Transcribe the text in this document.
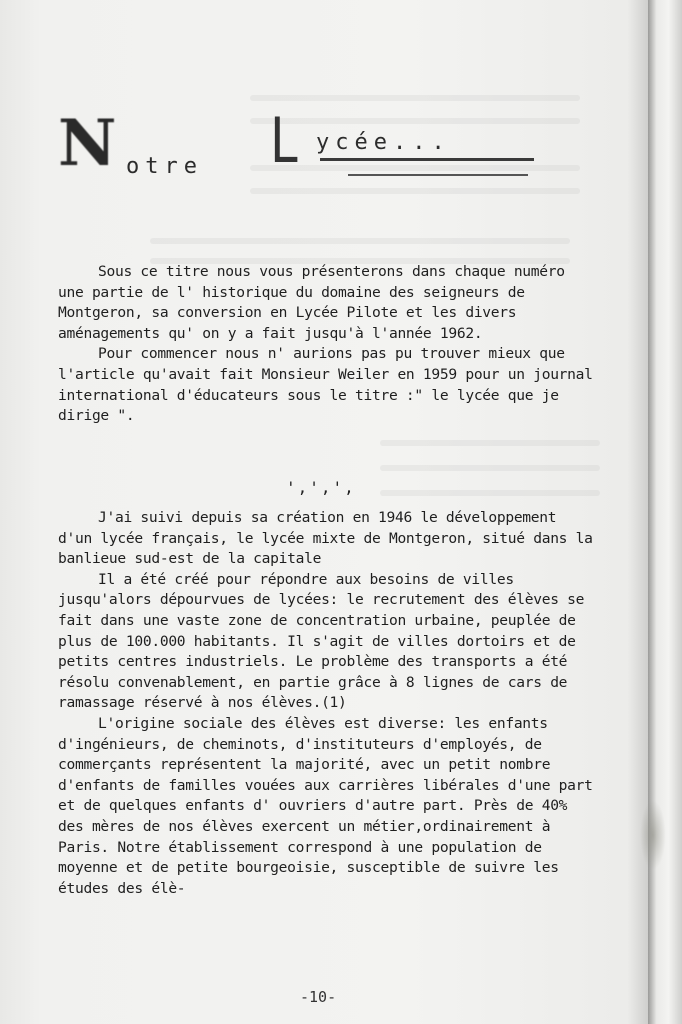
N otre L ycée...

Sous ce titre nous vous présenterons dans chaque numéro une partie de l' historique du domaine des seigneurs de Montgeron, sa conversion en Lycée Pilote et les divers aménagements qu' on y a fait jusqu'à l'année 1962.

Pour commencer nous n' aurions pas pu trouver mieux que l'article qu'avait fait Monsieur Weiler en 1959 pour un journal international d'éducateurs sous le titre :" le lycée que je dirige ".

',',',

J'ai suivi depuis sa création en 1946 le développement d'un lycée français, le lycée mixte de Montgeron, situé dans la banlieue sud-est de la capitale

Il a été créé pour répondre aux besoins de villes jusqu'alors dépourvues de lycées: le recrutement des élèves se fait dans une vaste zone de concentration urbaine, peuplée de plus de 100.000 habitants. Il s'agit de villes dortoirs et de petits centres industriels. Le problème des transports a été résolu convenablement, en partie grâce à 8 lignes de cars de ramassage réservé à nos élèves.(1)

L'origine sociale des élèves est diverse: les enfants d'ingénieurs, de cheminots, d'instituteurs d'employés, de commerçants représentent la majorité, avec un petit nombre d'enfants de familles vouées aux carrières libérales d'une part et de quelques enfants d' ouvriers d'autre part. Près de 40% des mères de nos élèves exercent un métier,ordinairement à Paris. Notre établissement correspond à une population de moyenne et de petite bourgeoisie, susceptible de suivre les études des élè-

-10-
